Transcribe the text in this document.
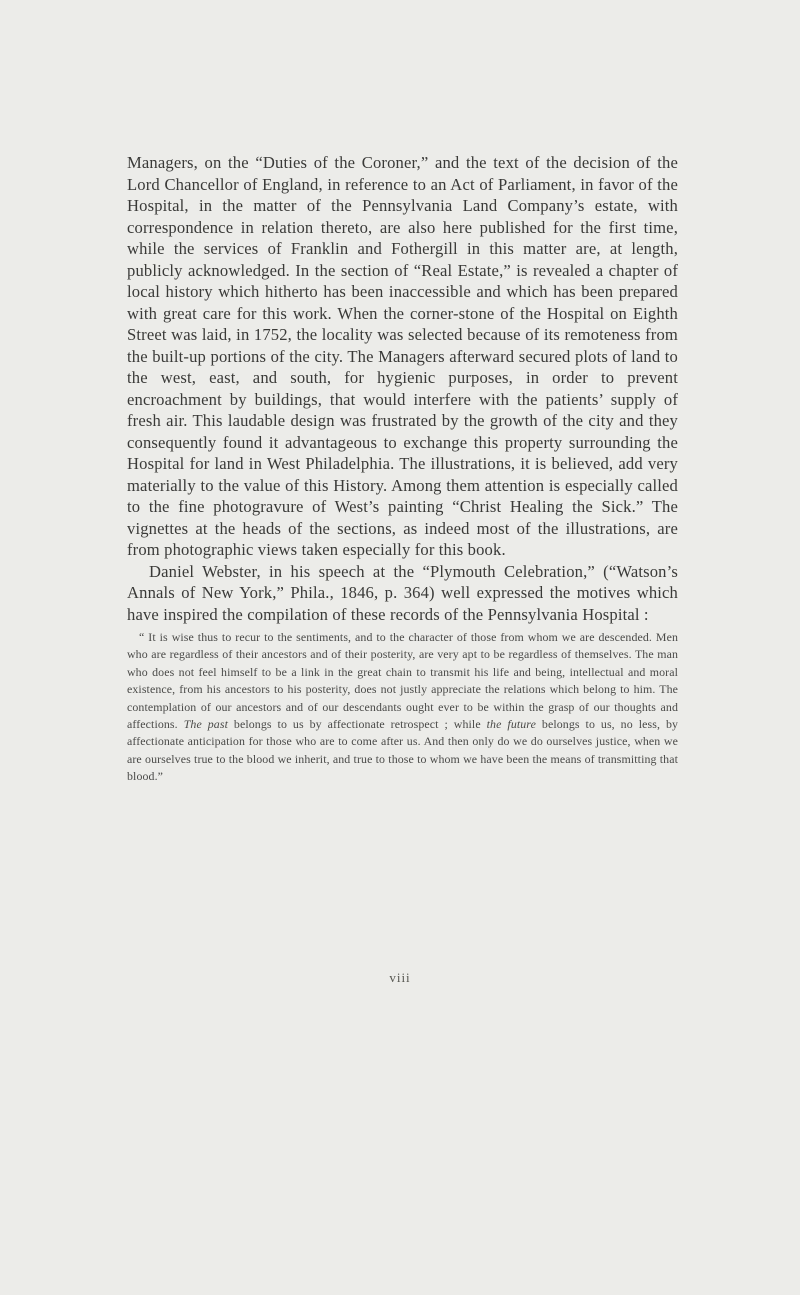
Managers, on the “Duties of the Coroner,” and the text of the decision of the Lord Chancellor of England, in reference to an Act of Parliament, in favor of the Hospital, in the matter of the Pennsylvania Land Company’s estate, with correspondence in relation thereto, are also here published for the first time, while the services of Franklin and Fothergill in this matter are, at length, publicly acknowledged. In the section of “Real Estate,” is revealed a chapter of local history which hitherto has been inaccessible and which has been prepared with great care for this work. When the corner-stone of the Hospital on Eighth Street was laid, in 1752, the locality was selected because of its remoteness from the built-up portions of the city. The Managers afterward secured plots of land to the west, east, and south, for hygienic purposes, in order to prevent encroachment by buildings, that would interfere with the patients’ supply of fresh air. This laudable design was frustrated by the growth of the city and they consequently found it advantageous to exchange this property surrounding the Hospital for land in West Philadelphia. The illustrations, it is believed, add very materially to the value of this History. Among them attention is especially called to the fine photogravure of West’s painting “Christ Healing the Sick.” The vignettes at the heads of the sections, as indeed most of the illustrations, are from photographic views taken especially for this book.

Daniel Webster, in his speech at the “Plymouth Celebration,” (“Watson’s Annals of New York,” Phila., 1846, p. 364) well expressed the motives which have inspired the compilation of these records of the Pennsylvania Hospital :

“ It is wise thus to recur to the sentiments, and to the character of those from whom we are descended. Men who are regardless of their ancestors and of their posterity, are very apt to be regardless of themselves. The man who does not feel himself to be a link in the great chain to transmit his life and being, intellectual and moral existence, from his ancestors to his posterity, does not justly appreciate the relations which belong to him. The contemplation of our ancestors and of our descendants ought ever to be within the grasp of our thoughts and affections. The past belongs to us by affectionate retrospect ; while the future belongs to us, no less, by affectionate anticipation for those who are to come after us. And then only do we do ourselves justice, when we are ourselves true to the blood we inherit, and true to those to whom we have been the means of transmitting that blood.”

viii
